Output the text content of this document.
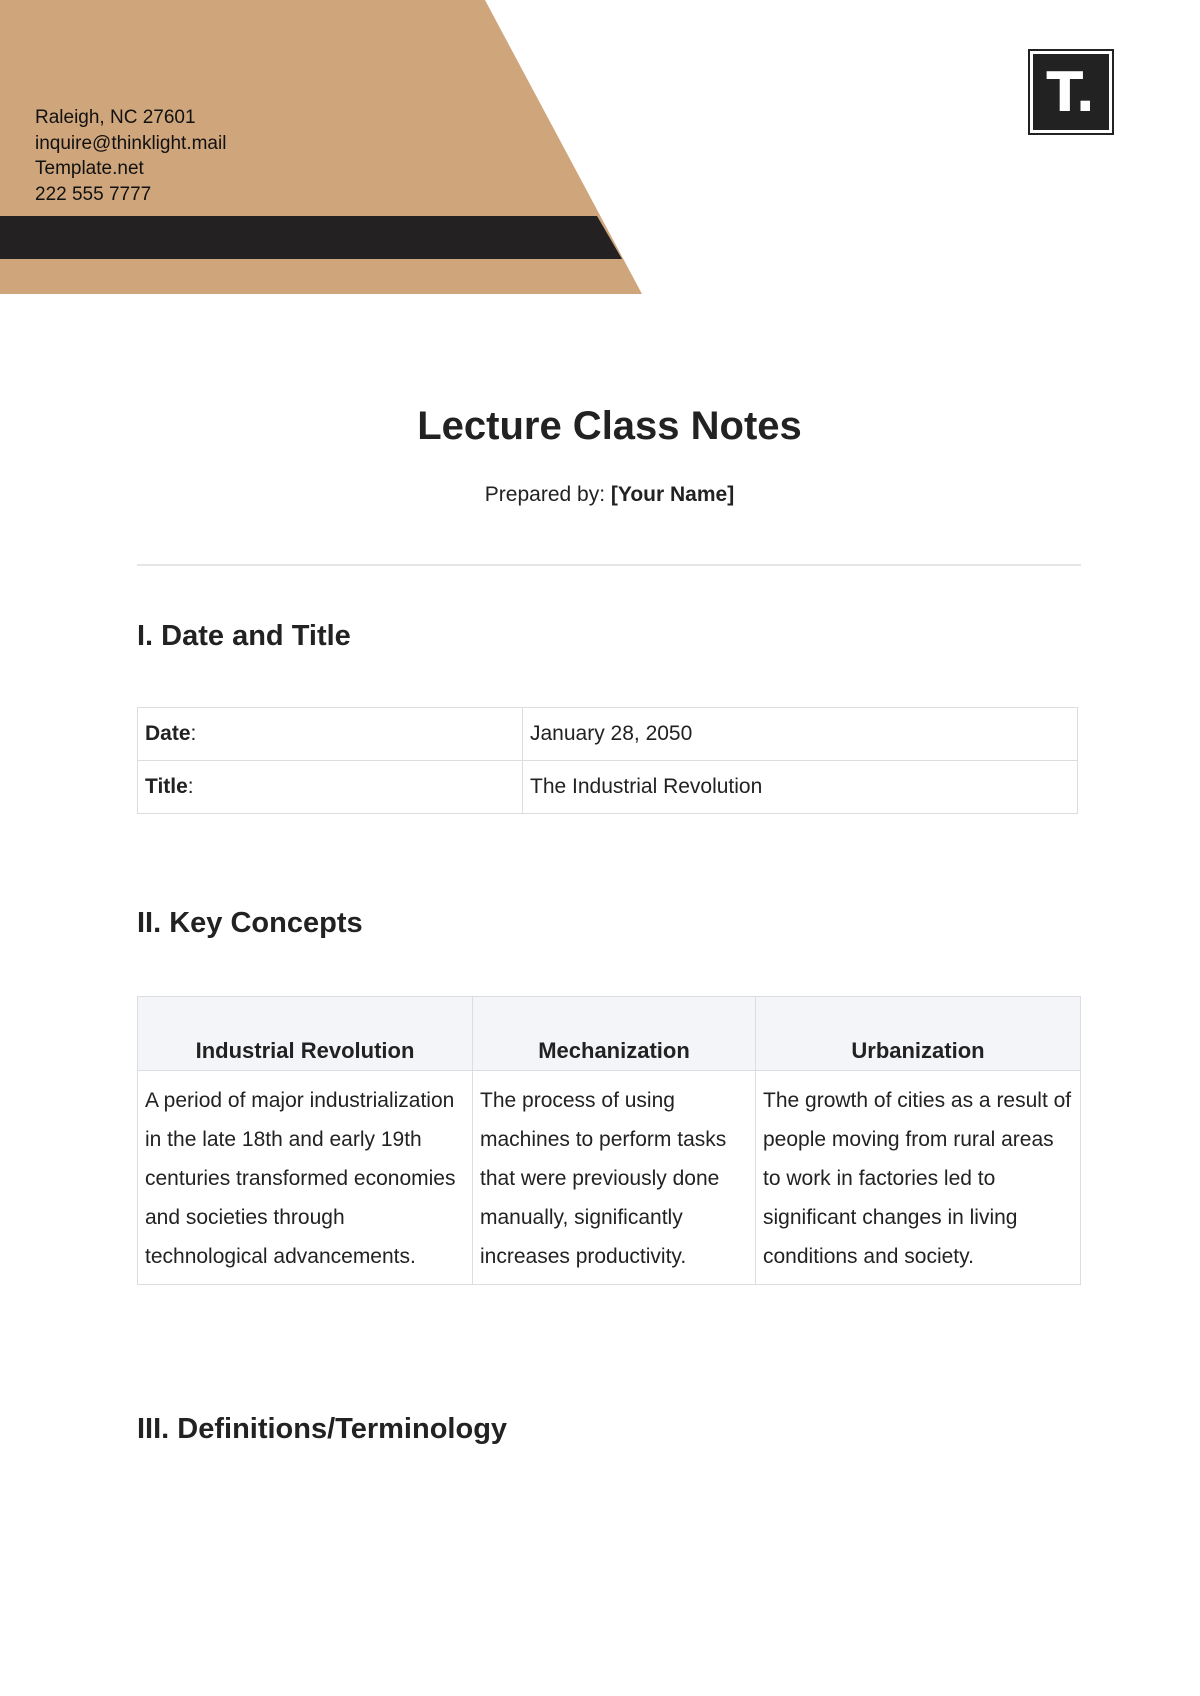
Raleigh, NC 27601
inquire@thinklight.mail
Template.net
222 555 7777
T.
Lecture Class Notes
Prepared by: [Your Name]
I. Date and Title
Date:	January 28, 2050
Title:	The Industrial Revolution
II. Key Concepts
Industrial Revolution	Mechanization	Urbanization
A period of major industrialization in the late 18th and early 19th centuries transformed economies and societies through technological advancements.	The process of using machines to perform tasks that were previously done manually, significantly increases productivity.	The growth of cities as a result of people moving from rural areas to work in factories led to significant changes in living conditions and society.
III. Definitions/Terminology
